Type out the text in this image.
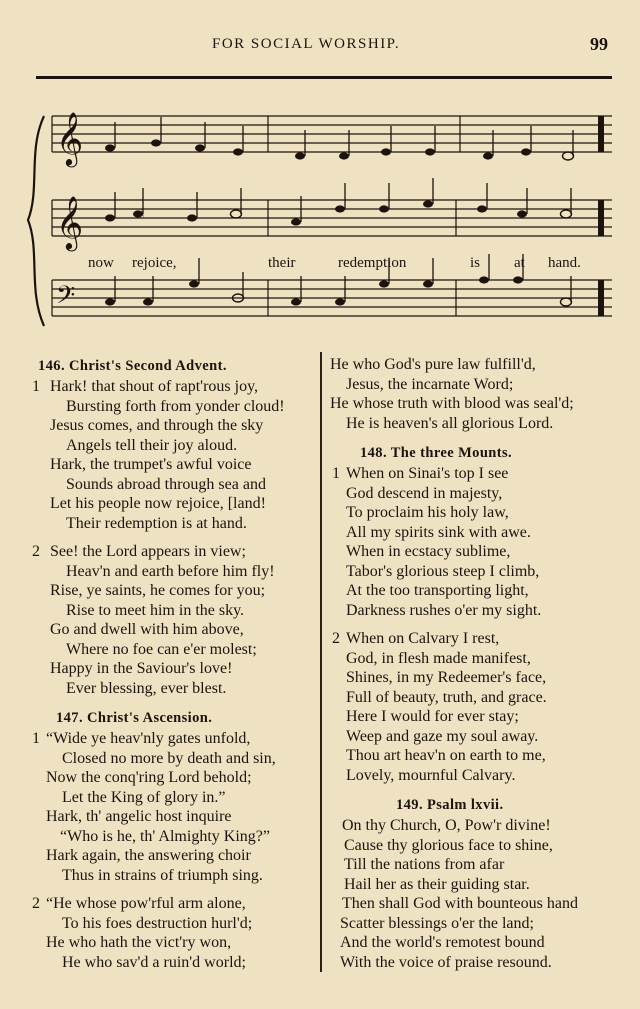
FOR SOCIAL WORSHIP.	99
𝄞
𝄞	♮
𝄢
now rejoice,	their	redemption	is at hand.
146. Christ's Second Advent.
1 Hark! that shout of rapt'rous joy,
Bursting forth from yonder cloud!
Jesus comes, and through the sky
Angels tell their joy aloud.
Hark, the trumpet's awful voice
Sounds abroad through sea and
Let his people now rejoice, [land!
Their redemption is at hand.
2 See! the Lord appears in view;
Heav'n and earth before him fly!
Rise, ye saints, he comes for you;
Rise to meet him in the sky.
Go and dwell with him above,
Where no foe can e'er molest;
Happy in the Saviour's love!
Ever blessing, ever blest.
147. Christ's Ascension.
1 “Wide ye heav'nly gates unfold,
Closed no more by death and sin,
Now the conq'ring Lord behold;
Let the King of glory in.”
Hark, th' angelic host inquire
“Who is he, th' Almighty King?”
Hark again, the answering choir
Thus in strains of triumph sing.
2 “He whose pow'rful arm alone,
To his foes destruction hurl'd;
He who hath the vict'ry won,
He who sav'd a ruin'd world;
He who God's pure law fulfill'd,
Jesus, the incarnate Word;
He whose truth with blood was seal'd;
He is heaven's all glorious Lord.
148. The three Mounts.
1 When on Sinai's top I see
God descend in majesty,
To proclaim his holy law,
All my spirits sink with awe.
When in ecstacy sublime,
Tabor's glorious steep I climb,
At the too transporting light,
Darkness rushes o'er my sight.
2 When on Calvary I rest,
God, in flesh made manifest,
Shines, in my Redeemer's face,
Full of beauty, truth, and grace.
Here I would for ever stay;
Weep and gaze my soul away.
Thou art heav'n on earth to me,
Lovely, mournful Calvary.
149. Psalm lxvii.
On thy Church, O, Pow'r divine!
Cause thy glorious face to shine,
Till the nations from afar
Hail her as their guiding star.
Then shall God with bounteous hand
Scatter blessings o'er the land;
And the world's remotest bound
With the voice of praise resound.
